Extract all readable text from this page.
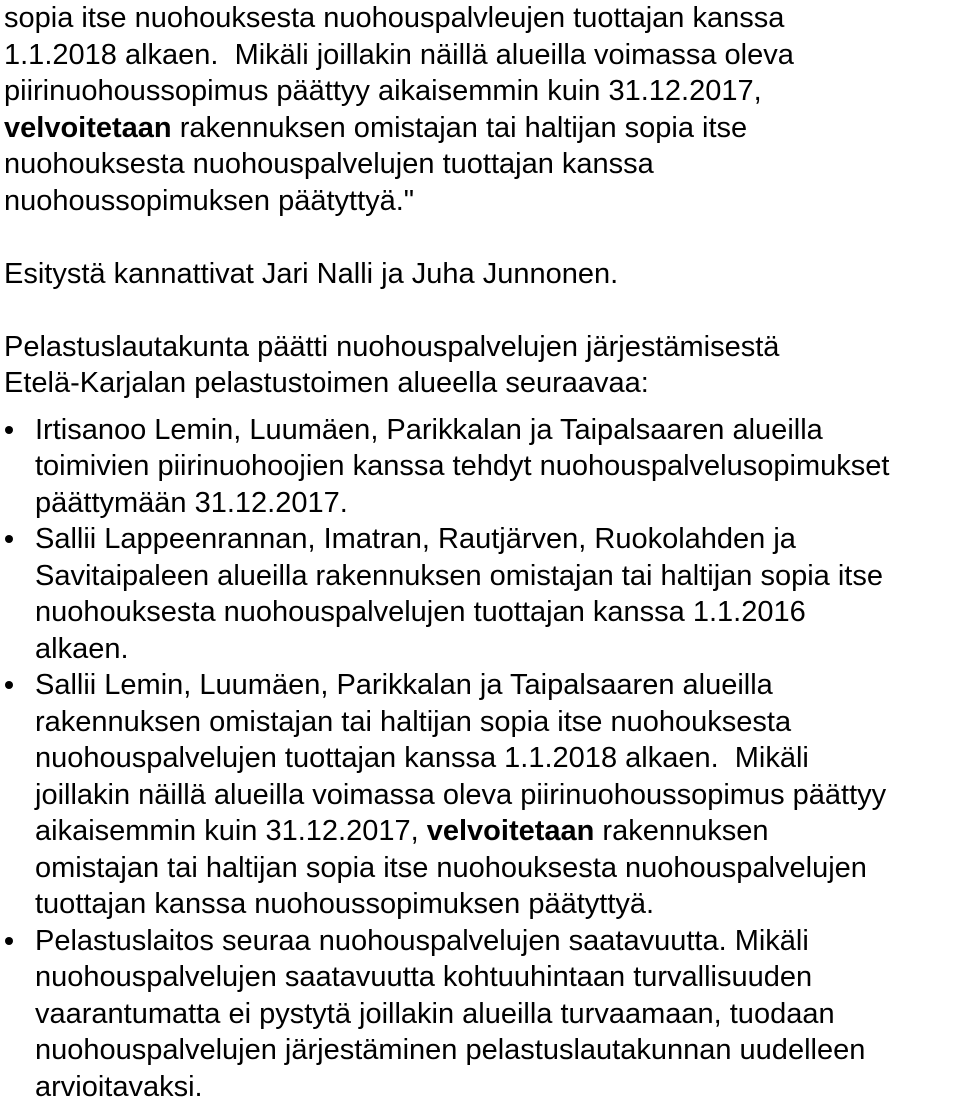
sopia itse nuohouksesta nuohouspalvleujen tuottajan kanssa
1.1.2018 alkaen.  Mikäli joillakin näillä alueilla voimassa oleva
piirinuohoussopimus päättyy aikaisemmin kuin 31.12.2017,
velvoitetaan rakennuksen omistajan tai haltijan sopia itse
nuohouksesta nuohouspalvelujen tuottajan kanssa
nuohoussopimuksen päätyttyä."
Esitystä kannattivat Jari Nalli ja Juha Junnonen.
Pelastuslautakunta päätti nuohouspalvelujen järjestämisestä
Etelä-Karjalan pelastustoimen alueella seuraavaa:
Irtisanoo Lemin, Luumäen, Parikkalan ja Taipalsaaren alueilla
toimivien piirinuohoojien kanssa tehdyt nuohouspalvelusopimukset
päättymään 31.12.2017.
Sallii Lappeenrannan, Imatran, Rautjärven, Ruokolahden ja
Savitaipaleen alueilla rakennuksen omistajan tai haltijan sopia itse
nuohouksesta nuohouspalvelujen tuottajan kanssa 1.1.2016
alkaen.
Sallii Lemin, Luumäen, Parikkalan ja Taipalsaaren alueilla
rakennuksen omistajan tai haltijan sopia itse nuohouksesta
nuohouspalvelujen tuottajan kanssa 1.1.2018 alkaen.  Mikäli
joillakin näillä alueilla voimassa oleva piirinuohoussopimus päättyy
aikaisemmin kuin 31.12.2017, velvoitetaan rakennuksen
omistajan tai haltijan sopia itse nuohouksesta nuohouspalvelujen
tuottajan kanssa nuohoussopimuksen päätyttyä.
Pelastuslaitos seuraa nuohouspalvelujen saatavuutta. Mikäli
nuohouspalvelujen saatavuutta kohtuuhintaan turvallisuuden
vaarantumatta ei pystytä joillakin alueilla turvaamaan, tuodaan
nuohouspalvelujen järjestäminen pelastuslautakunnan uudelleen
arvioitavaksi.
